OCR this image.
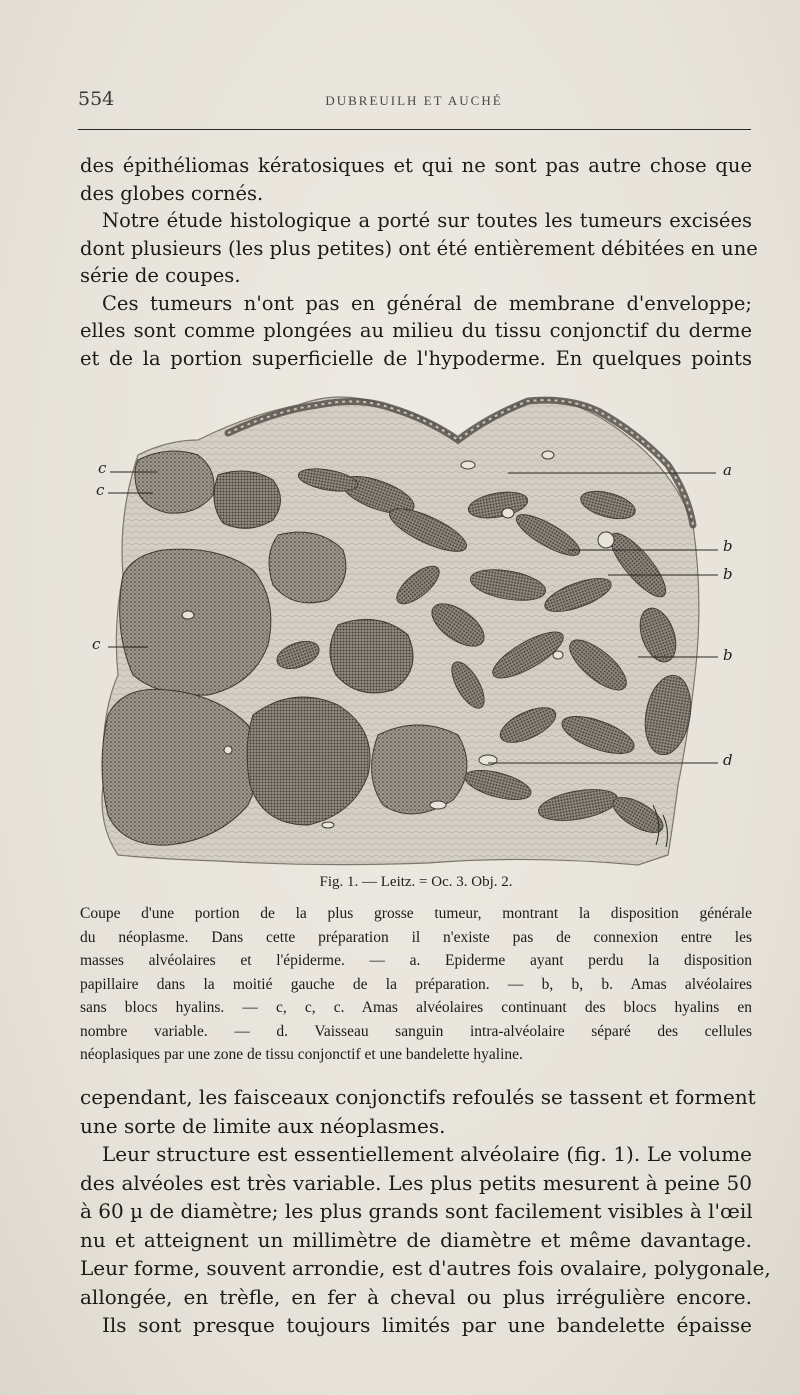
554	DUBREUILH ET AUCHÉ

des épithéliomas kératosiques et qui ne sont pas autre chose que
des globes cornés.
Notre étude histologique a porté sur toutes les tumeurs excisées
dont plusieurs (les plus petites) ont été entièrement débitées en une
série de coupes.
Ces tumeurs n'ont pas en général de membrane d'enveloppe;
elles sont comme plongées au milieu du tissu conjonctif du derme
et de la portion superficielle de l'hypoderme. En quelques points

c
c
c
a
b
b
b
d
Fig. 1. — Leitz. = Oc. 3. Obj. 2.

Coupe d'une portion de la plus grosse tumeur, montrant la disposition générale
du néoplasme. Dans cette préparation il n'existe pas de connexion entre les
masses alvéolaires et l'épiderme. — a. Epiderme ayant perdu la disposition
papillaire dans la moitié gauche de la préparation. — b, b, b. Amas alvéolaires
sans blocs hyalins. — c, c, c. Amas alvéolaires continuant des blocs hyalins en
nombre variable. — d. Vaisseau sanguin intra-alvéolaire séparé des cellules
néoplasiques par une zone de tissu conjonctif et une bandelette hyaline.

cependant, les faisceaux conjonctifs refoulés se tassent et forment
une sorte de limite aux néoplasmes.
Leur structure est essentiellement alvéolaire (fig. 1). Le volume
des alvéoles est très variable. Les plus petits mesurent à peine 50
à 60 µ de diamètre; les plus grands sont facilement visibles à l'œil
nu et atteignent un millimètre de diamètre et même davantage.
Leur forme, souvent arrondie, est d'autres fois ovalaire, polygonale,
allongée, en trèfle, en fer à cheval ou plus irrégulière encore.
Ils sont presque toujours limités par une bandelette épaisse
